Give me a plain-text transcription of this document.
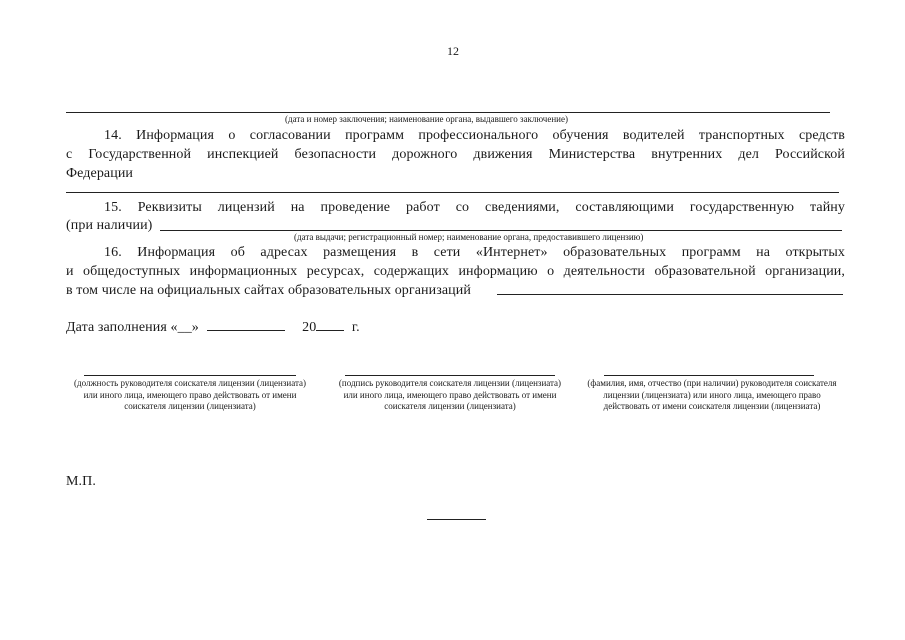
12
(дата и номер заключения; наименование органа, выдавшего заключение)
14. Информация о согласовании программ профессионального обучения водителей транспортных средств
с Государственной инспекцией безопасности дорожного движения Министерства внутренних дел Российской
Федерации
15. Реквизиты лицензий на проведение работ со сведениями, составляющими государственную тайну
(при наличии)
(дата выдачи; регистрационный номер; наименование органа, предоставившего лицензию)
16. Информация об адресах размещения в сети «Интернет» образовательных программ на открытых
и общедоступных информационных ресурсах, содержащих информацию о деятельности образовательной организации,
в том числе на официальных сайтах образовательных организаций
Дата заполнения «__»	20	г.
(должность руководителя соискателя лицензии (лицензиата) или иного лица, имеющего право действовать от имени соискателя лицензии (лицензиата)
(подпись руководителя соискателя лицензии (лицензиата) или иного лица, имеющего право действовать от имени соискателя лицензии (лицензиата)
(фамилия, имя, отчество (при наличии) руководителя соискателя лицензии (лицензиата) или иного лица, имеющего право действовать от имени соискателя лицензии (лицензиата)
М.П.
